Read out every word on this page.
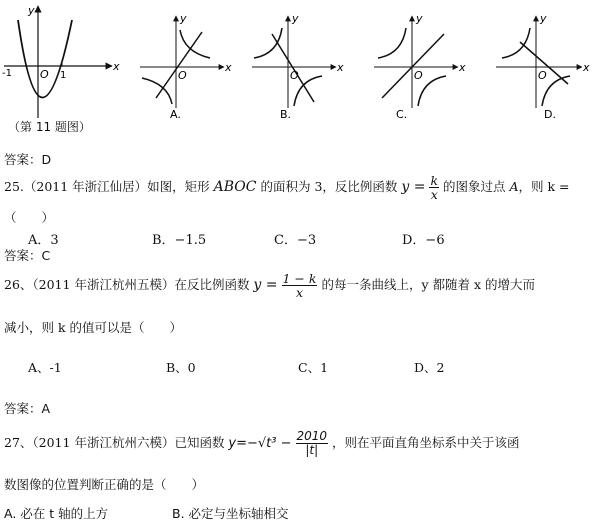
y
x
O
-1	1
（第 11 题图）
y
x
O
A.
y
x
O
B.
y
x
O
C.
y
x
O
D.
答案：D
25.（2011 年浙江仙居）如图，矩形 ABOC 的面积为 3，反比例函数 $y = \frac{k}{x}$ 的图象过点 A，则 k =
（　　）
A．3	B．−1.5	C．−3	D．−6
答案：C
26、（2011 年浙江杭州五模）在反比例函数 $y = \frac{1 - k}{x}$ 的每一条曲线上，y 都随着 x 的增大而
减小，则 k 的值可以是（　　）
A、-1	B、0	C、1	D、2
答案：A
27、（2011 年浙江杭州六模）已知函数 $y=-√t^3 - \frac{2010}{|t|}$ ，则在平面直角坐标系中关于该函
数图像的位置判断正确的是（　　）
A. 必在 t 轴的上方	B. 必定与坐标轴相交
